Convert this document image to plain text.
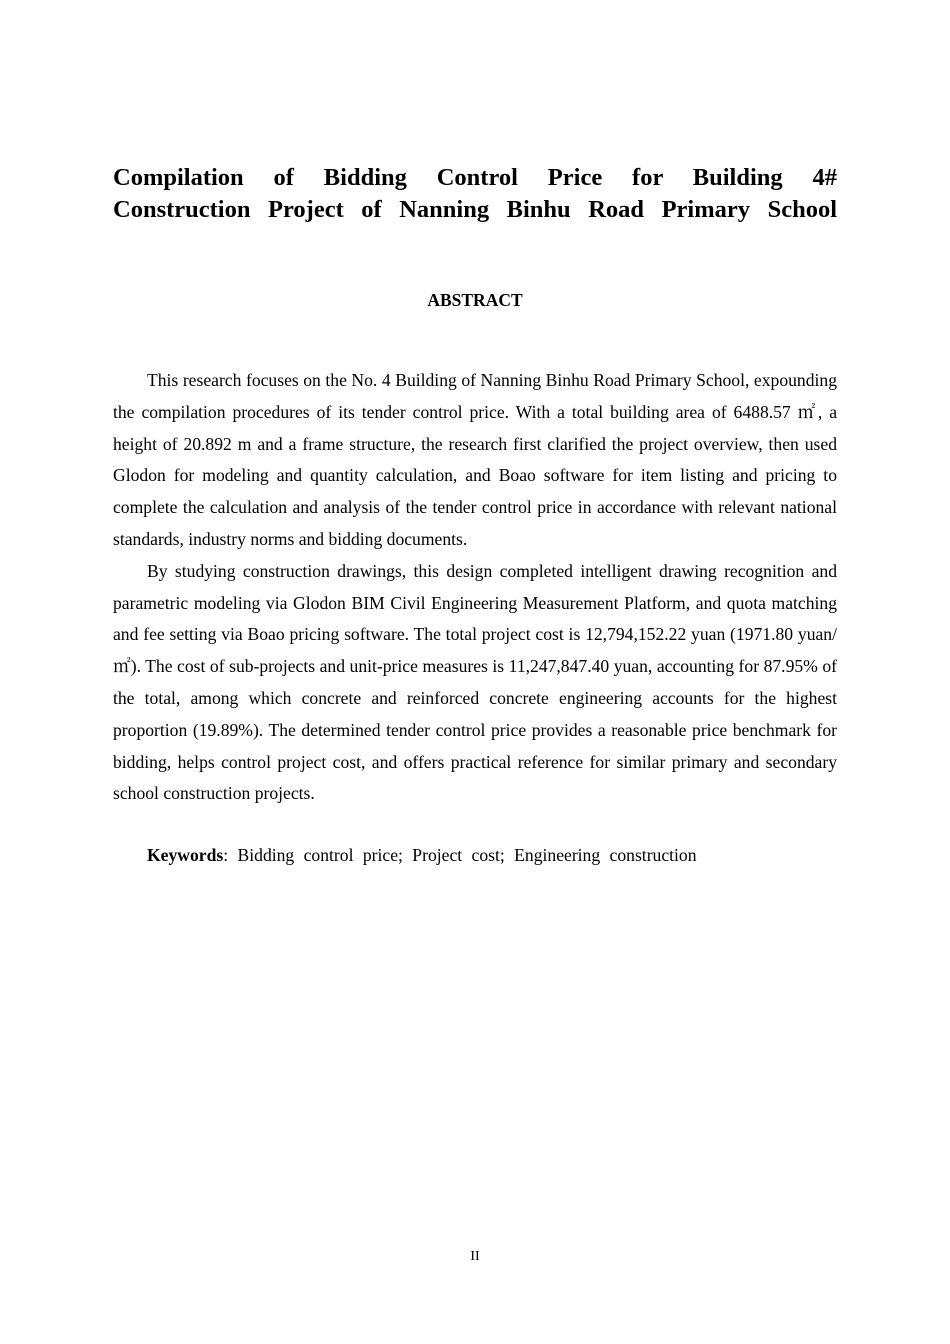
Compilation of Bidding Control Price for Building 4#
Construction Project of Nanning Binhu Road Primary School
ABSTRACT

This research focuses on the No. 4 Building of Nanning Binhu Road Primary School, expounding the compilation procedures of its tender control price. With a total building area of 6488.57 ㎡, a height of 20.892 m and a frame structure, the research first clarified the project overview, then used Glodon for modeling and quantity calculation, and Boao software for item listing and pricing to complete the calculation and analysis of the tender control price in accordance with relevant national standards, industry norms and bidding documents.

By studying construction drawings, this design completed intelligent drawing recognition and parametric modeling via Glodon BIM Civil Engineering Measurement Platform, and quota matching and fee setting via Boao pricing software. The total project cost is 12,794,152.22 yuan (1971.80 yuan/㎡). The cost of sub-projects and unit-price measures is 11,247,847.40 yuan, accounting for 87.95% of the total, among which concrete and reinforced concrete engineering accounts for the highest proportion (19.89%). The determined tender control price provides a reasonable price benchmark for bidding, helps control project cost, and offers practical reference for similar primary and secondary school construction projects.

Keywords: Bidding control price; Project cost; Engineering construction
II
